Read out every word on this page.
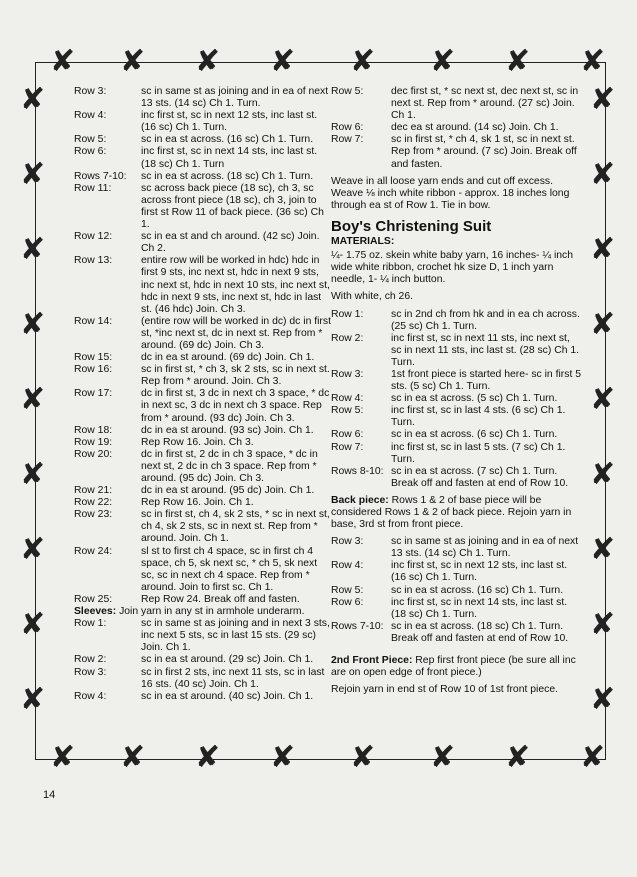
✘ ✘ ✘ ✘ ✘ ✘ ✘ ✘
✘ ✘ ✘ ✘ ✘ ✘ ✘ ✘
✘	✘
✘	✘
✘	✘
✘	✘
✘	✘
✘	✘
✘	✘
✘	✘
✘	✘
Row 3:	sc in same st as joining and in ea of next 13 sts. (14 sc) Ch 1. Turn.
Row 4:	inc first st, sc in next 12 sts, inc last st. (16 sc) Ch 1. Turn.
Row 5:	sc in ea st across. (16 sc) Ch 1. Turn.
Row 6:	inc first st, sc in next 14 sts, inc last st. (18 sc) Ch 1. Turn
Rows 7-10:	sc in ea st across. (18 sc) Ch 1. Turn.
Row 11:	sc across back piece (18 sc), ch 3, sc across front piece (18 sc), ch 3, join to first st Row 11 of back piece. (36 sc) Ch 1.
Row 12:	sc in ea st and ch around. (42 sc) Join. Ch 2.
Row 13:	entire row will be worked in hdc) hdc in first 9 sts, inc next st, hdc in next 9 sts, inc next st, hdc in next 10 sts, inc next st, hdc in next 9 sts, inc next st, hdc in last st. (46 hdc) Join. Ch 3.
Row 14:	(entire row will be worked in dc) dc in first st, *inc next st, dc in next st. Rep from * around. (69 dc) Join. Ch 3.
Row 15:	dc in ea st around. (69 dc) Join. Ch 1.
Row 16:	sc in first st, * ch 3, sk 2 sts, sc in next st. Rep from * around. Join. Ch 3.
Row 17:	dc in first st, 3 dc in next ch 3 space, * dc in next sc, 3 dc in next ch 3 space. Rep from * around. (93 dc) Join. Ch 3.
Row 18:	dc in ea st around. (93 sc) Join. Ch 1.
Row 19:	Rep Row 16. Join. Ch 3.
Row 20:	dc in first st, 2 dc in ch 3 space, * dc in next st, 2 dc in ch 3 space. Rep from * around. (95 dc) Join. Ch 3.
Row 21:	dc in ea st around. (95 dc) Join. Ch 1.
Row 22:	Rep Row 16. Join. Ch 1.
Row 23:	sc in first st, ch 4, sk 2 sts, * sc in next st, ch 4, sk 2 sts, sc in next st. Rep from * around. Join. Ch 1.
Row 24:	sl st to first ch 4 space, sc in first ch 4 space, ch 5, sk next sc, * ch 5, sk next sc, sc in next ch 4 space. Rep from * around. Join to first sc. Ch 1.
Row 25:	Rep Row 24. Break off and fasten.
Sleeves: Join yarn in any st in armhole underarm.
Row 1:	sc in same st as joining and in next 3 sts, inc next 5 sts, sc in last 15 sts. (29 sc) Join. Ch 1.
Row 2:	sc in ea st around. (29 sc) Join. Ch 1.
Row 3:	sc in first 2 sts, inc next 11 sts, sc in last 16 sts. (40 sc) Join. Ch 1.
Row 4:	sc in ea st around. (40 sc) Join. Ch 1.
Row 5:	dec first st, * sc next st, dec next st, sc in next st. Rep from * around. (27 sc) Join. Ch 1.
Row 6:	dec ea st around. (14 sc) Join. Ch 1.
Row 7:	sc in first st, * ch 4, sk 1 st, sc in next st. Rep from * around. (7 sc) Join. Break off and fasten.
Weave in all loose yarn ends and cut off excess. Weave ⅛ inch white ribbon - approx. 18 inches long through ea st of Row 1. Tie in bow.
Boy's Christening Suit
MATERIALS:
¼- 1.75 oz. skein white baby yarn, 16 inches- ¼ inch wide white ribbon, crochet hk size D, 1 inch yarn needle, 1- ¼ inch button.
With white, ch 26.
Row 1:	sc in 2nd ch from hk and in ea ch across. (25 sc) Ch 1. Turn.
Row 2:	inc first st, sc in next 11 sts, inc next st, sc in next 11 sts, inc last st. (28 sc) Ch 1. Turn.
Row 3:	1st front piece is started here- sc in first 5 sts. (5 sc) Ch 1. Turn.
Row 4:	sc in ea st across. (5 sc) Ch 1. Turn.
Row 5:	inc first st, sc in last 4 sts. (6 sc) Ch 1. Turn.
Row 6:	sc in ea st across. (6 sc) Ch 1. Turn.
Row 7:	inc first st, sc in last 5 sts. (7 sc) Ch 1. Turn.
Rows 8-10: sc in ea st across. (7 sc) Ch 1. Turn. Break off and fasten at end of Row 10.
Back piece: Rows 1 & 2 of base piece will be considered Rows 1 & 2 of back piece. Rejoin yarn in base, 3rd st from front piece.
Row 3:	sc in same st as joining and in ea of next 13 sts. (14 sc) Ch 1. Turn.
Row 4:	inc first st, sc in next 12 sts, inc last st. (16 sc) Ch 1. Turn.
Row 5:	sc in ea st across. (16 sc) Ch 1. Turn.
Row 6:	inc first st, sc in next 14 sts, inc last st. (18 sc) Ch 1. Turn.
Rows 7-10: sc in ea st across. (18 sc) Ch 1. Turn. Break off and fasten at end of Row 10.
2nd Front Piece: Rep first front piece (be sure all inc are on open edge of front piece.)
Rejoin yarn in end st of Row 10 of 1st front piece.
14
